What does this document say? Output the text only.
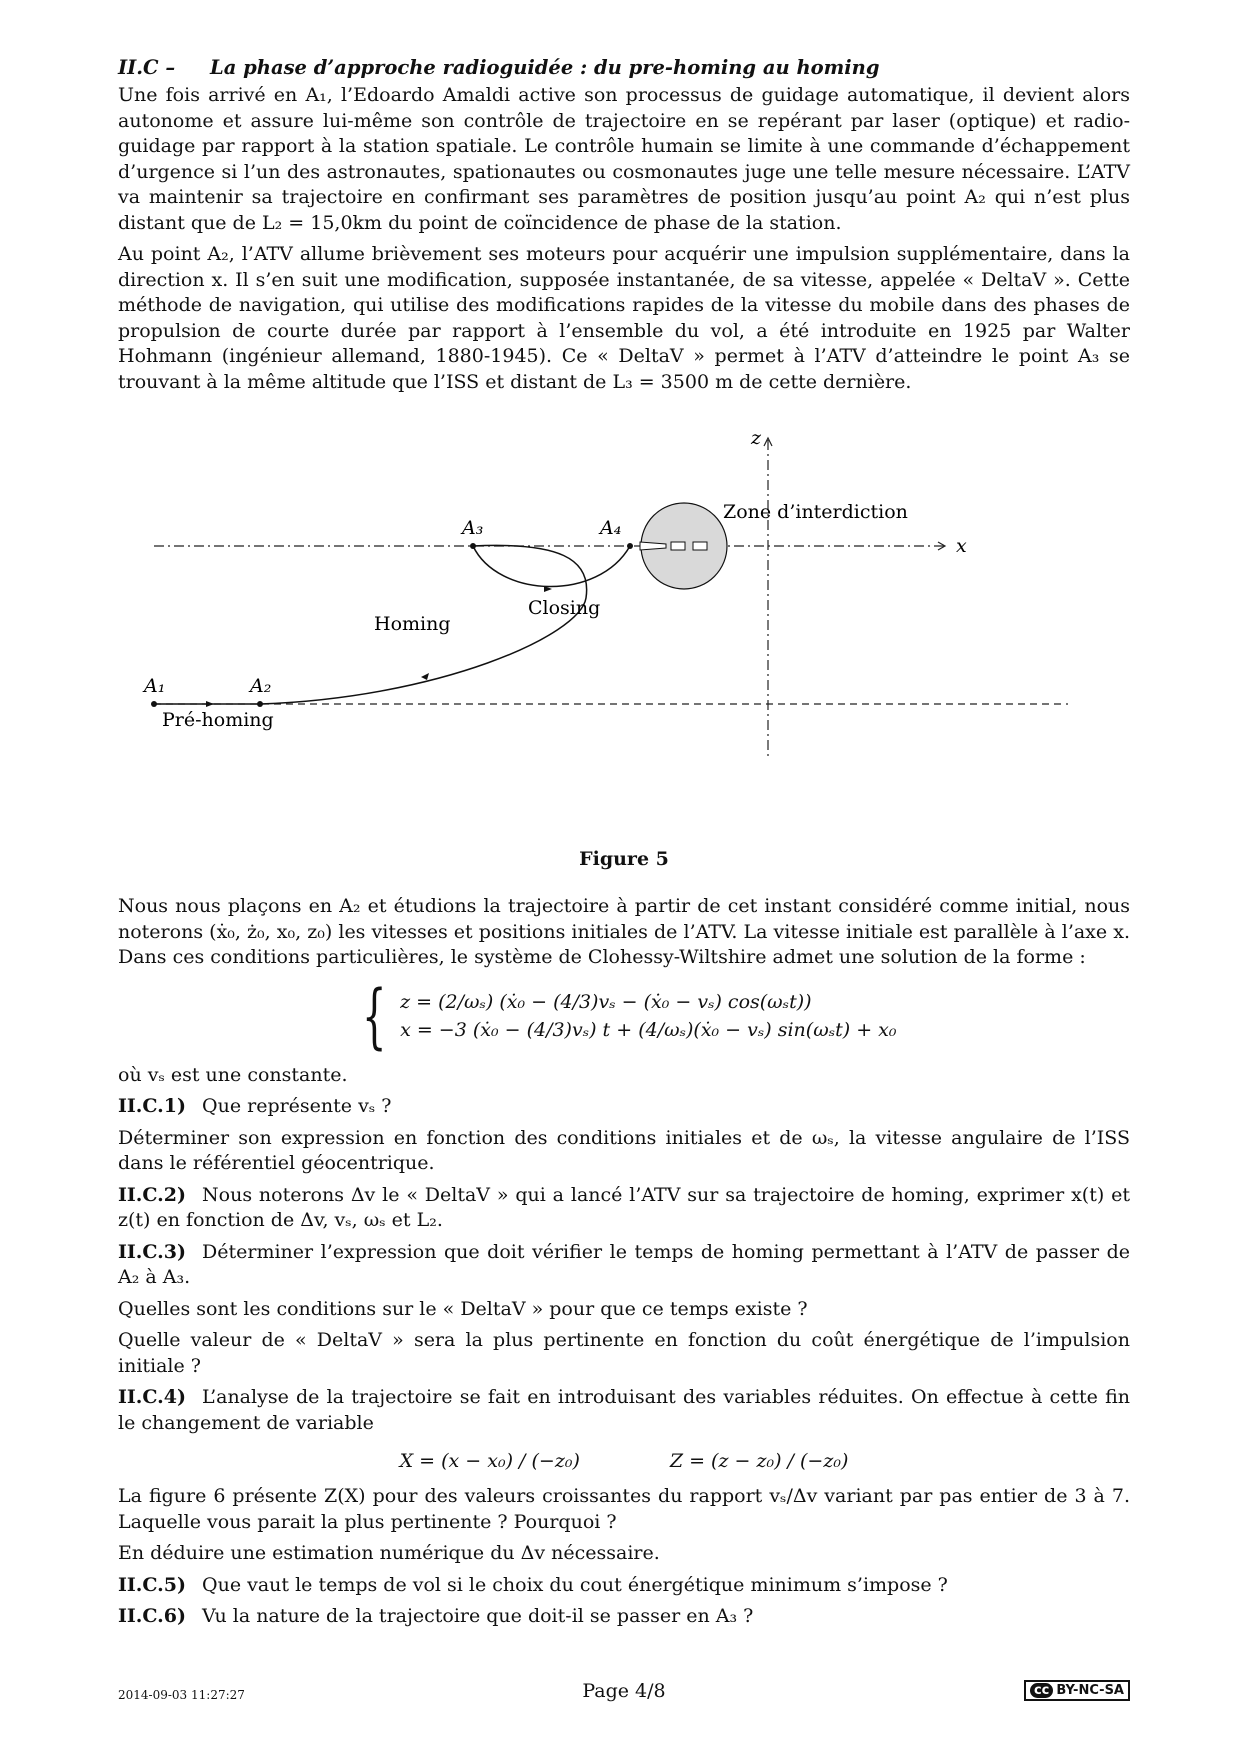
II.C – La phase d’approche radioguidée : du pre-homing au homing

Une fois arrivé en A₁, l’Edoardo Amaldi active son processus de guidage automatique, il devient alors autonome et assure lui-même son contrôle de trajectoire en se repérant par laser (optique) et radio-guidage par rapport à la station spatiale. Le contrôle humain se limite à une commande d’échappement d’urgence si l’un des astronautes, spationautes ou cosmonautes juge une telle mesure nécessaire. L’ATV va maintenir sa trajectoire en confirmant ses paramètres de position jusqu’au point A₂ qui n’est plus distant que de L₂ = 15,0km du point de coïncidence de phase de la station.

Au point A₂, l’ATV allume brièvement ses moteurs pour acquérir une impulsion supplémentaire, dans la direction x. Il s’en suit une modification, supposée instantanée, de sa vitesse, appelée « DeltaV ». Cette méthode de navigation, qui utilise des modifications rapides de la vitesse du mobile dans des phases de propulsion de courte durée par rapport à l’ensemble du vol, a été introduite en 1925 par Walter Hohmann (ingénieur allemand, 1880-1945). Ce « DeltaV » permet à l’ATV d’atteindre le point A₃ se trouvant à la même altitude que l’ISS et distant de L₃ = 3500 m de cette dernière.

x
z
A₁	A₂
A₃	A₄
Pré-homing
Homing
Closing
Zone d’interdiction
Figure 5

Nous nous plaçons en A₂ et étudions la trajectoire à partir de cet instant considéré comme initial, nous noterons (ẋ₀, ż₀, x₀, z₀) les vitesses et positions initiales de l’ATV. La vitesse initiale est parallèle à l’axe x. Dans ces conditions particulières, le système de Clohessy-Wiltshire admet une solution de la forme :

{ z = (2/ωₛ) (ẋ₀ − (4/3)vₛ − (ẋ₀ − vₛ) cos(ωₛt))
x = −3 (ẋ₀ − (4/3)vₛ) t + (4/ωₛ)(ẋ₀ − vₛ) sin(ωₛt) + x₀

où vₛ est une constante.

II.C.1) Que représente vₛ ?

Déterminer son expression en fonction des conditions initiales et de ωₛ, la vitesse angulaire de l’ISS dans le référentiel géocentrique.

II.C.2) Nous noterons Δv le « DeltaV » qui a lancé l’ATV sur sa trajectoire de homing, exprimer x(t) et z(t) en fonction de Δv, vₛ, ωₛ et L₂.

II.C.3) Déterminer l’expression que doit vérifier le temps de homing permettant à l’ATV de passer de A₂ à A₃.

Quelles sont les conditions sur le « DeltaV » pour que ce temps existe ?

Quelle valeur de « DeltaV » sera la plus pertinente en fonction du coût énergétique de l’impulsion initiale ?

II.C.4) L’analyse de la trajectoire se fait en introduisant des variables réduites. On effectue à cette fin le changement de variable

X = (x − x₀) / (−z₀)	Z = (z − z₀) / (−z₀)

La figure 6 présente Z(X) pour des valeurs croissantes du rapport vₛ/Δv variant par pas entier de 3 à 7. Laquelle vous parait la plus pertinente ? Pourquoi ?

En déduire une estimation numérique du Δv nécessaire.

II.C.5) Que vaut le temps de vol si le choix du cout énergétique minimum s’impose ?

II.C.6) Vu la nature de la trajectoire que doit-il se passer en A₃ ?

2014-09-03 11:27:27	Page 4/8	cc BY-NC-SA
